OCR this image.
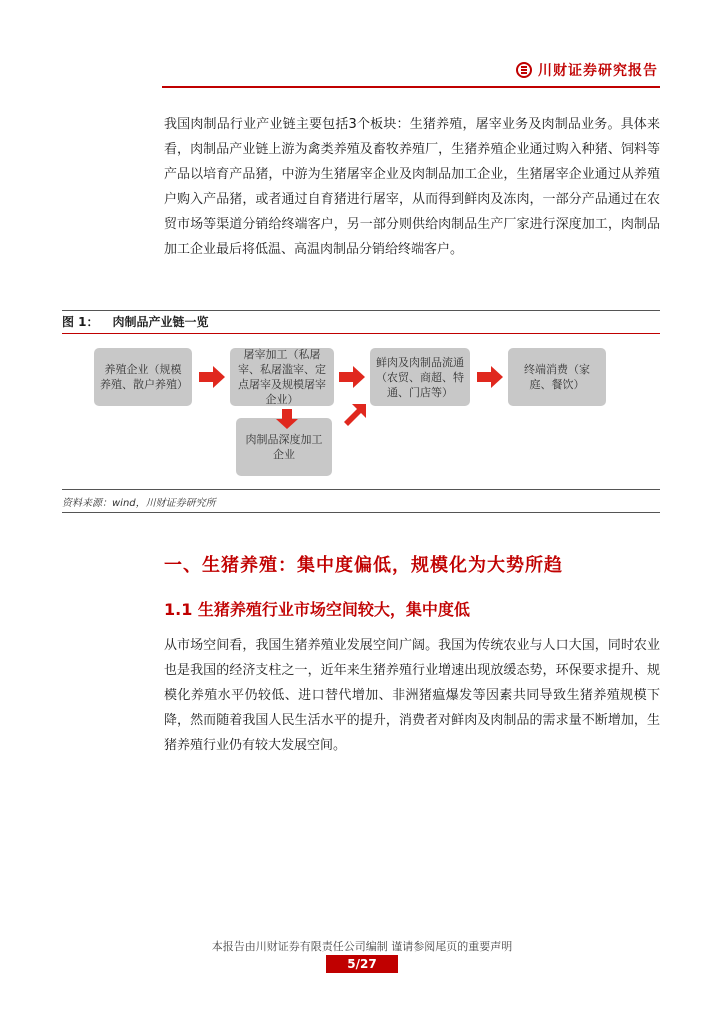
川财证券研究报告

我国肉制品行业产业链主要包括3个板块：生猪养殖，屠宰业务及肉制品业务。具体来看，肉制品产业链上游为禽类养殖及畜牧养殖厂，生猪养殖企业通过购入种猪、饲料等产品以培育产品猪，中游为生猪屠宰企业及肉制品加工企业，生猪屠宰企业通过从养殖户购入产品猪，或者通过自育猪进行屠宰，从而得到鲜肉及冻肉，一部分产品通过在农贸市场等渠道分销给终端客户，另一部分则供给肉制品生产厂家进行深度加工，肉制品加工企业最后将低温、高温肉制品分销给终端客户。

图 1： 肉制品产业链一览
养殖企业（规模养殖、散户养殖）
屠宰加工（私屠宰、私屠滥宰、定点屠宰及规模屠宰企业）
鲜肉及肉制品流通（农贸、商超、特通、门店等）
终端消费（家庭、餐饮）
肉制品深度加工企业
资料来源：wind，川财证券研究所
一、生猪养殖：集中度偏低，规模化为大势所趋
1.1 生猪养殖行业市场空间较大，集中度低

从市场空间看，我国生猪养殖业发展空间广阔。我国为传统农业与人口大国，同时农业也是我国的经济支柱之一，近年来生猪养殖行业增速出现放缓态势，环保要求提升、规模化养殖水平仍较低、进口替代增加、非洲猪瘟爆发等因素共同导致生猪养殖规模下降，然而随着我国人民生活水平的提升，消费者对鲜肉及肉制品的需求量不断增加，生猪养殖行业仍有较大发展空间。

本报告由川财证券有限责任公司编制 谨请参阅尾页的重要声明
5/27
